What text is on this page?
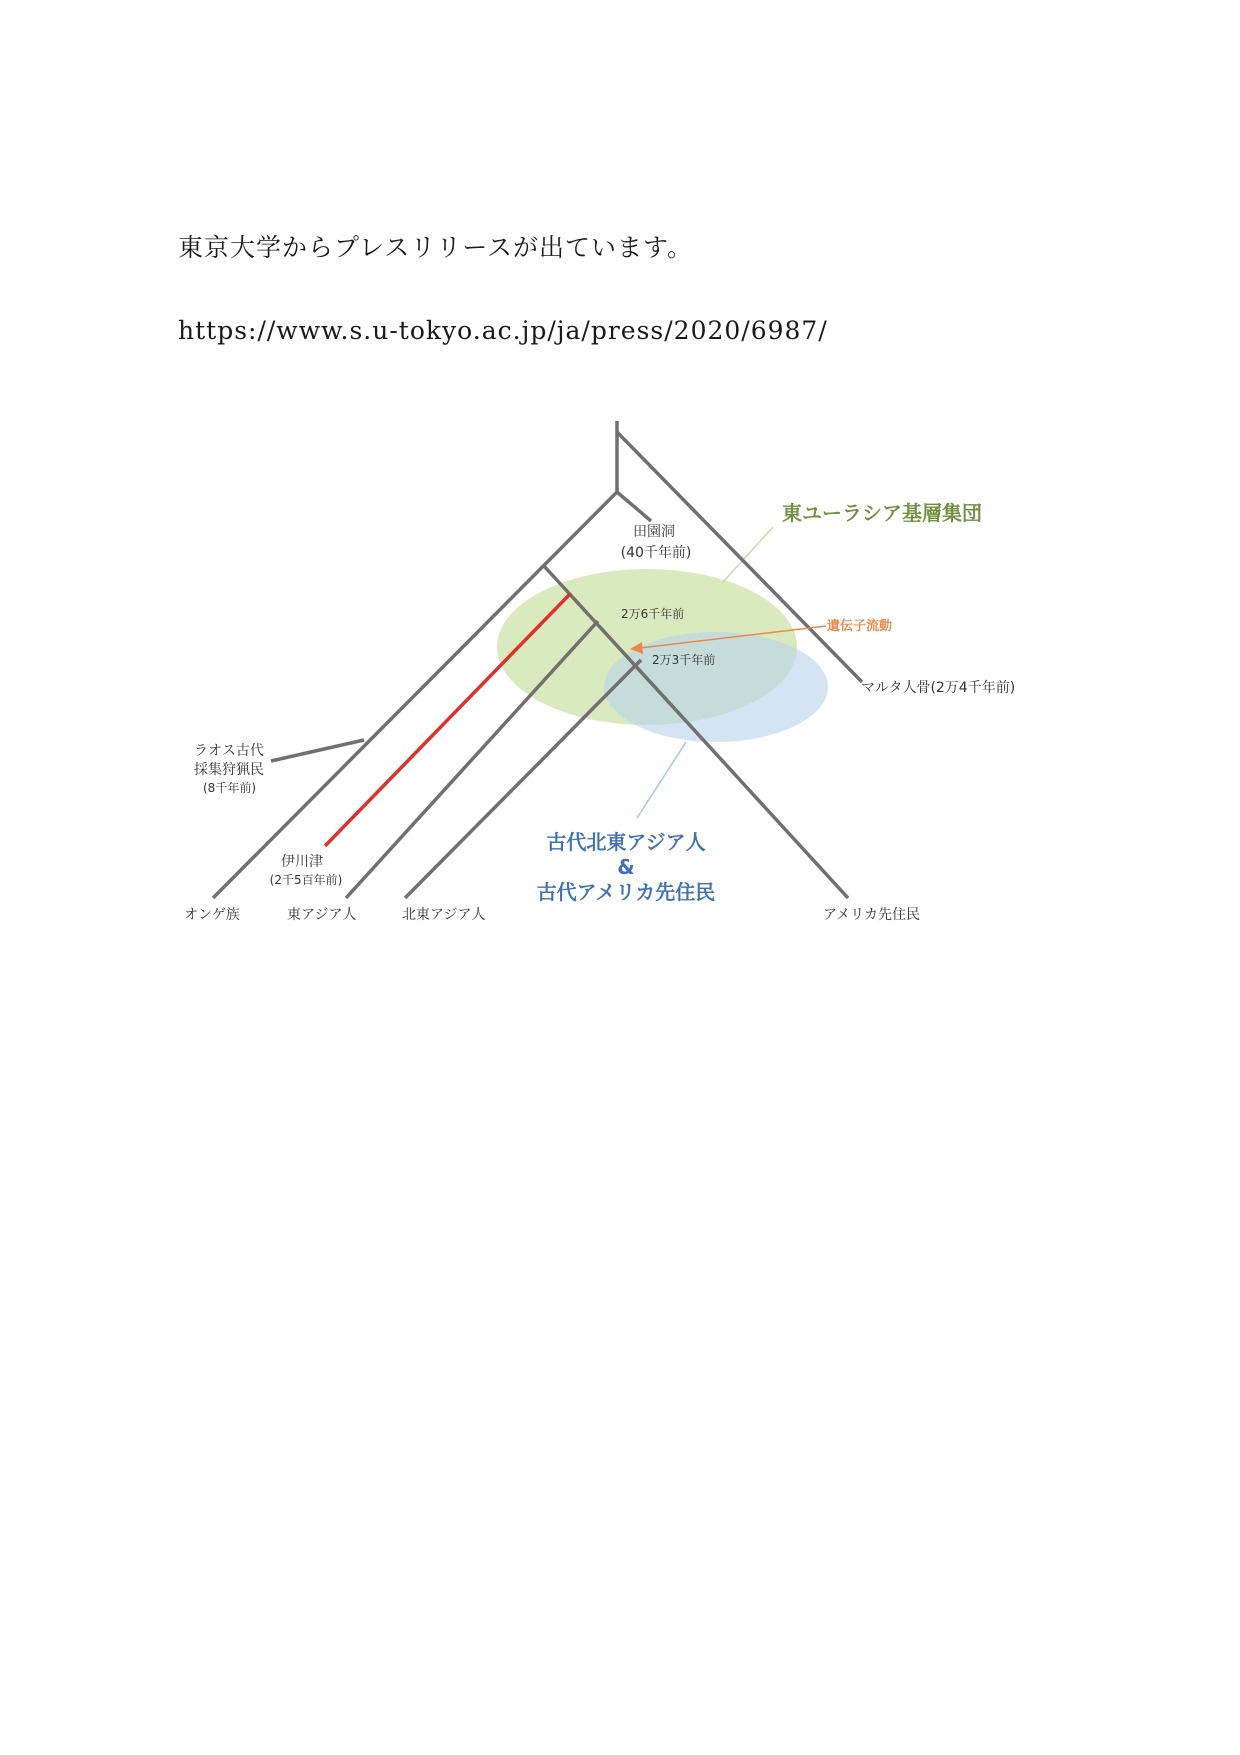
東京大学からプレスリリースが出ています。
https://www.s.u-tokyo.ac.jp/ja/press/2020/6987/
田園洞
(40千年前)
2万6千年前
2万3千年前
遺伝子流動
マルタ人骨(2万4千年前)
ラオス古代
採集狩猟民
(8千年前)
伊川津
(2千5百年前)
東ユーラシア基層集団
古代北東アジア人
&
古代アメリカ先住民
オンゲ族	東アジア人	北東アジア人	アメリカ先住民
